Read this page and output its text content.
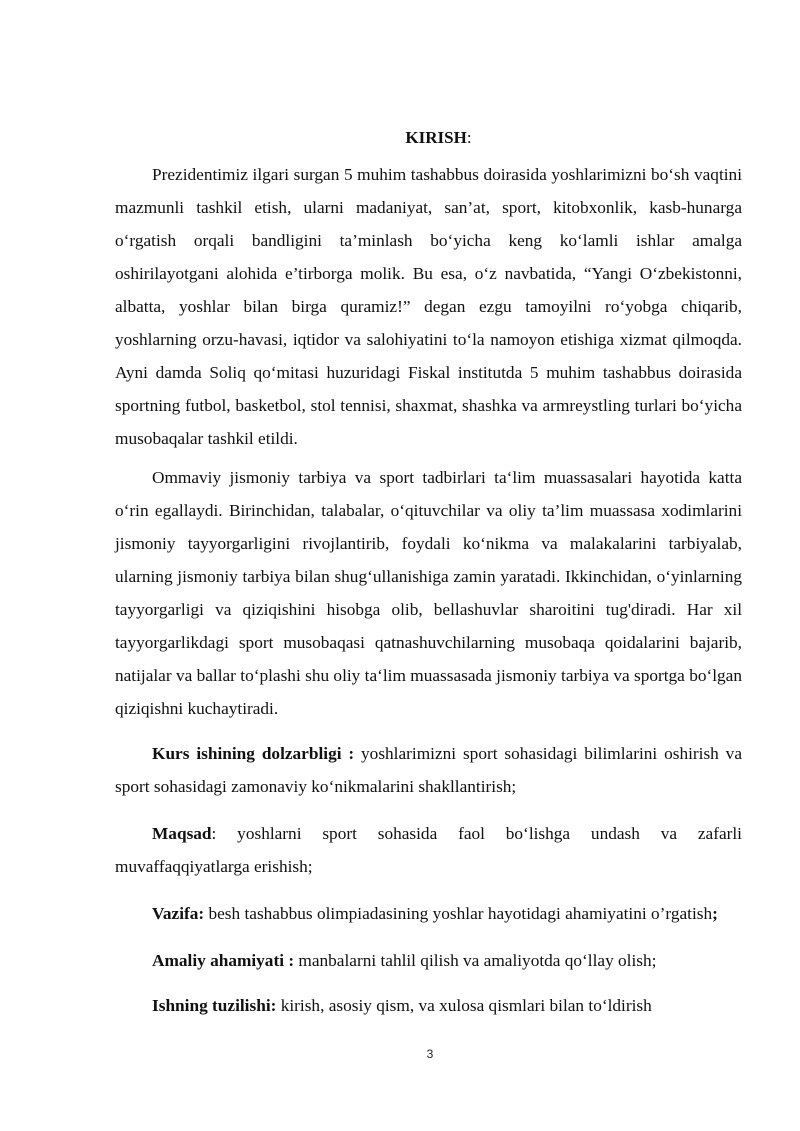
KIRISH:

Prezidentimiz ilgari surgan 5 muhim tashabbus doirasida yoshlarimizni bo‘sh vaqtini mazmunli tashkil etish, ularni madaniyat, san’at, sport, kitobxonlik, kasb-hunarga o‘rgatish orqali bandligini ta’minlash bo‘yicha keng ko‘lamli ishlar amalga oshirilayotgani alohida e’tirborga molik. Bu esa, o‘z navbatida, “Yangi O‘zbekistonni, albatta, yoshlar bilan birga quramiz!” degan ezgu tamoyilni ro‘yobga chiqarib, yoshlarning orzu-havasi, iqtidor va salohiyatini to‘la namoyon etishiga xizmat qilmoqda. Ayni damda Soliq qo‘mitasi huzuridagi Fiskal institutda 5 muhim tashabbus doirasida sportning futbol, basketbol, stol tennisi, shaxmat, shashka va armreystling turlari bo‘yicha musobaqalar tashkil etildi.

Ommaviy jismoniy tarbiya va sport tadbirlari ta‘lim muassasalari hayotida katta o‘rin egallaydi. Birinchidan, talabalar, oʻqituvchilar va oliy ta’lim muassasa xodimlarini jismoniy tayyorgarligini rivojlantirib, foydali ko‘nikma va malakalarini tarbiyalab, ularning jismoniy tarbiya bilan shug‘ullanishiga zamin yaratadi. Ikkinchidan, o‘yinlarning tayyorgarligi va qiziqishini hisobga olib, bellashuvlar sharoitini tug'diradi. Har xil tayyorgarlikdagi sport musobaqasi qatnashuvchilarning musobaqa qoidalarini bajarib, natijalar va ballar to‘plashi shu oliy ta‘lim muassasada jismoniy tarbiya va sportga bo‘lgan qiziqishni kuchaytiradi.

Kurs ishining dolzarbligi : yoshlarimizni sport sohasidagi bilimlarini oshirish va sport sohasidagi zamonaviy ko‘nikmalarini shakllantirish;

Maqsad: yoshlarni sport sohasida faol bo‘lishga undash va zafarli muvaffaqqiyatlarga erishish;

Vazifa: besh tashabbus olimpiadasining yoshlar hayotidagi ahamiyatini o’rgatish;

Amaliy ahamiyati : manbalarni tahlil qilish va amaliyotda qo‘llay olish;

Ishning tuzilishi: kirish, asosiy qism, va xulosa qismlari bilan to‘ldirish

3
